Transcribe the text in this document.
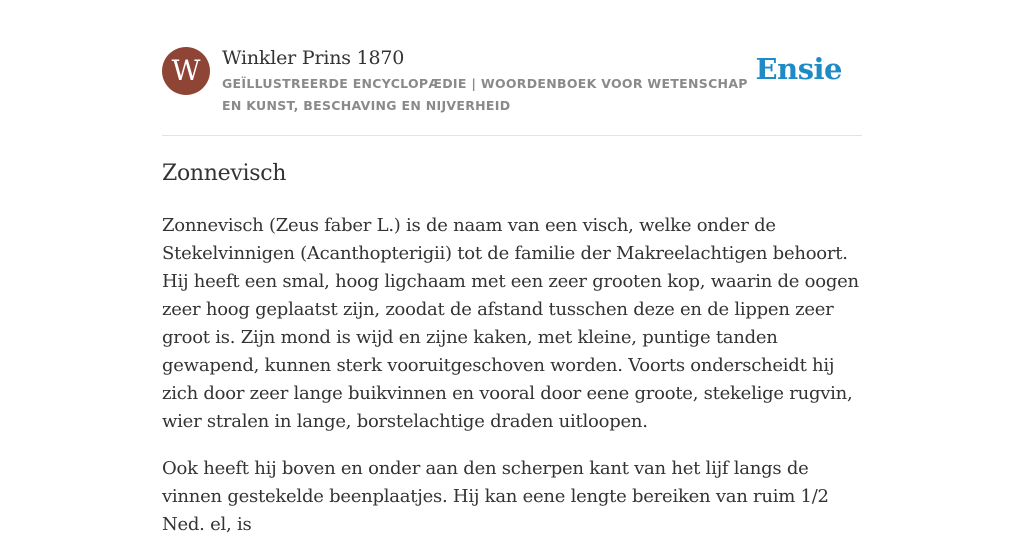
W	Winkler Prins 1870
GEÏLLUSTREERDE ENCYCLOPÆDIE | WOORDENBOEK VOOR WETENSCHAP EN KUNST, BESCHAVING EN NIJVERHEID
Ensie
Zonnevisch

Zonnevisch (Zeus faber L.) is de naam van een visch, welke onder de Stekelvinnigen (Acanthopterigii) tot de familie der Makreelachtigen behoort. Hij heeft een smal, hoog ligchaam met een zeer grooten kop, waarin de oogen zeer hoog geplaatst zijn, zoodat de afstand tusschen deze en de lippen zeer groot is. Zijn mond is wijd en zijne kaken, met kleine, puntige tanden gewapend, kunnen sterk vooruitgeschoven worden. Voorts onderscheidt hij zich door zeer lange buikvinnen en vooral door eene groote, stekelige rugvin, wier stralen in lange, borstelachtige draden uitloopen.

Ook heeft hij boven en onder aan den scherpen kant van het lijf langs de vinnen gestekelde beenplaatjes. Hij kan eene lengte bereiken van ruim 1/2 Ned. el, is
